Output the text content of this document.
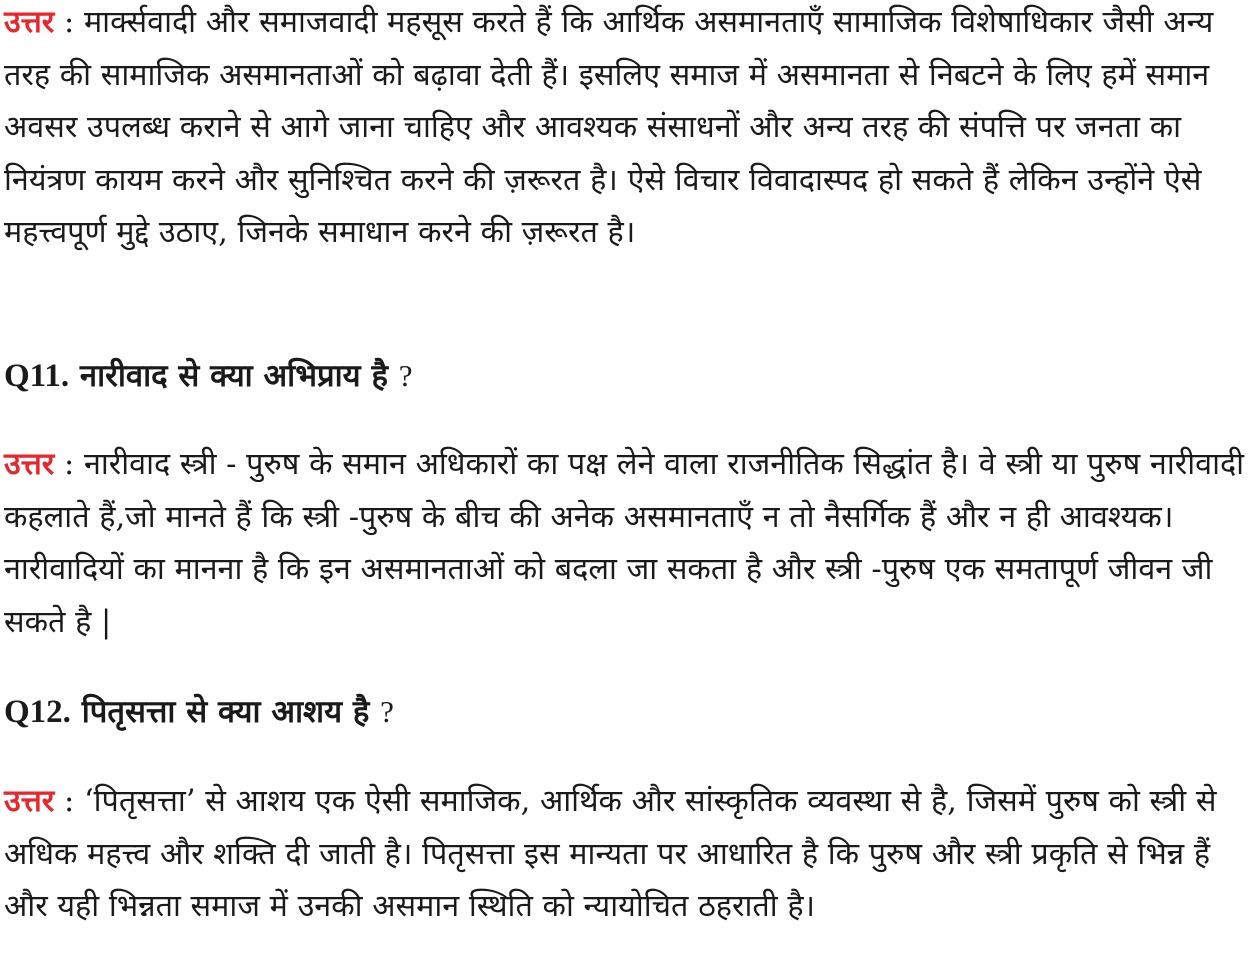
उत्तर : मार्क्सवादी और समाजवादी महसूस करते हैं कि आर्थिक असमानताएँ सामाजिक विशेषाधिकार जैसी अन्य तरह की सामाजिक असमानताओं को बढ़ावा देती हैं। इसलिए समाज में असमानता से निबटने के लिए हमें समान अवसर उपलब्ध कराने से आगे जाना चाहिए और आवश्यक संसाधनों और अन्य तरह की संपत्ति पर जनता का नियंत्रण कायम करने और सुनिश्चित करने की ज़रूरत है। ऐसे विचार विवादास्पद हो सकते हैं लेकिन उन्होंने ऐसे महत्त्वपूर्ण मुद्दे उठाए, जिनके समाधान करने की ज़रूरत है।

Q11. नारीवाद से क्या अभिप्राय है ?

उत्तर : नारीवाद स्त्री - पुरुष के समान अधिकारों का पक्ष लेने वाला राजनीतिक सिद्धांत है। वे स्त्री या पुरुष नारीवादी कहलाते हैं,जो मानते हैं कि स्त्री -पुरुष के बीच की अनेक असमानताएँ न तो नैसर्गिक हैं और न ही आवश्यक। नारीवादियों का मानना है कि इन असमानताओं को बदला जा सकता है और स्त्री -पुरुष एक समतापूर्ण जीवन जी सकते है |

Q12. पितृसत्ता से क्या आशय है ?

उत्तर : ‘पितृसत्ता’ से आशय एक ऐसी समाजिक, आर्थिक और सांस्कृतिक व्यवस्था से है, जिसमें पुरुष को स्त्री से अधिक महत्त्व और शक्ति दी जाती है। पितृसत्ता इस मान्यता पर आधारित है कि पुरुष और स्त्री प्रकृति से भिन्न हैं और यही भिन्नता समाज में उनकी असमान स्थिति को न्यायोचित ठहराती है।
